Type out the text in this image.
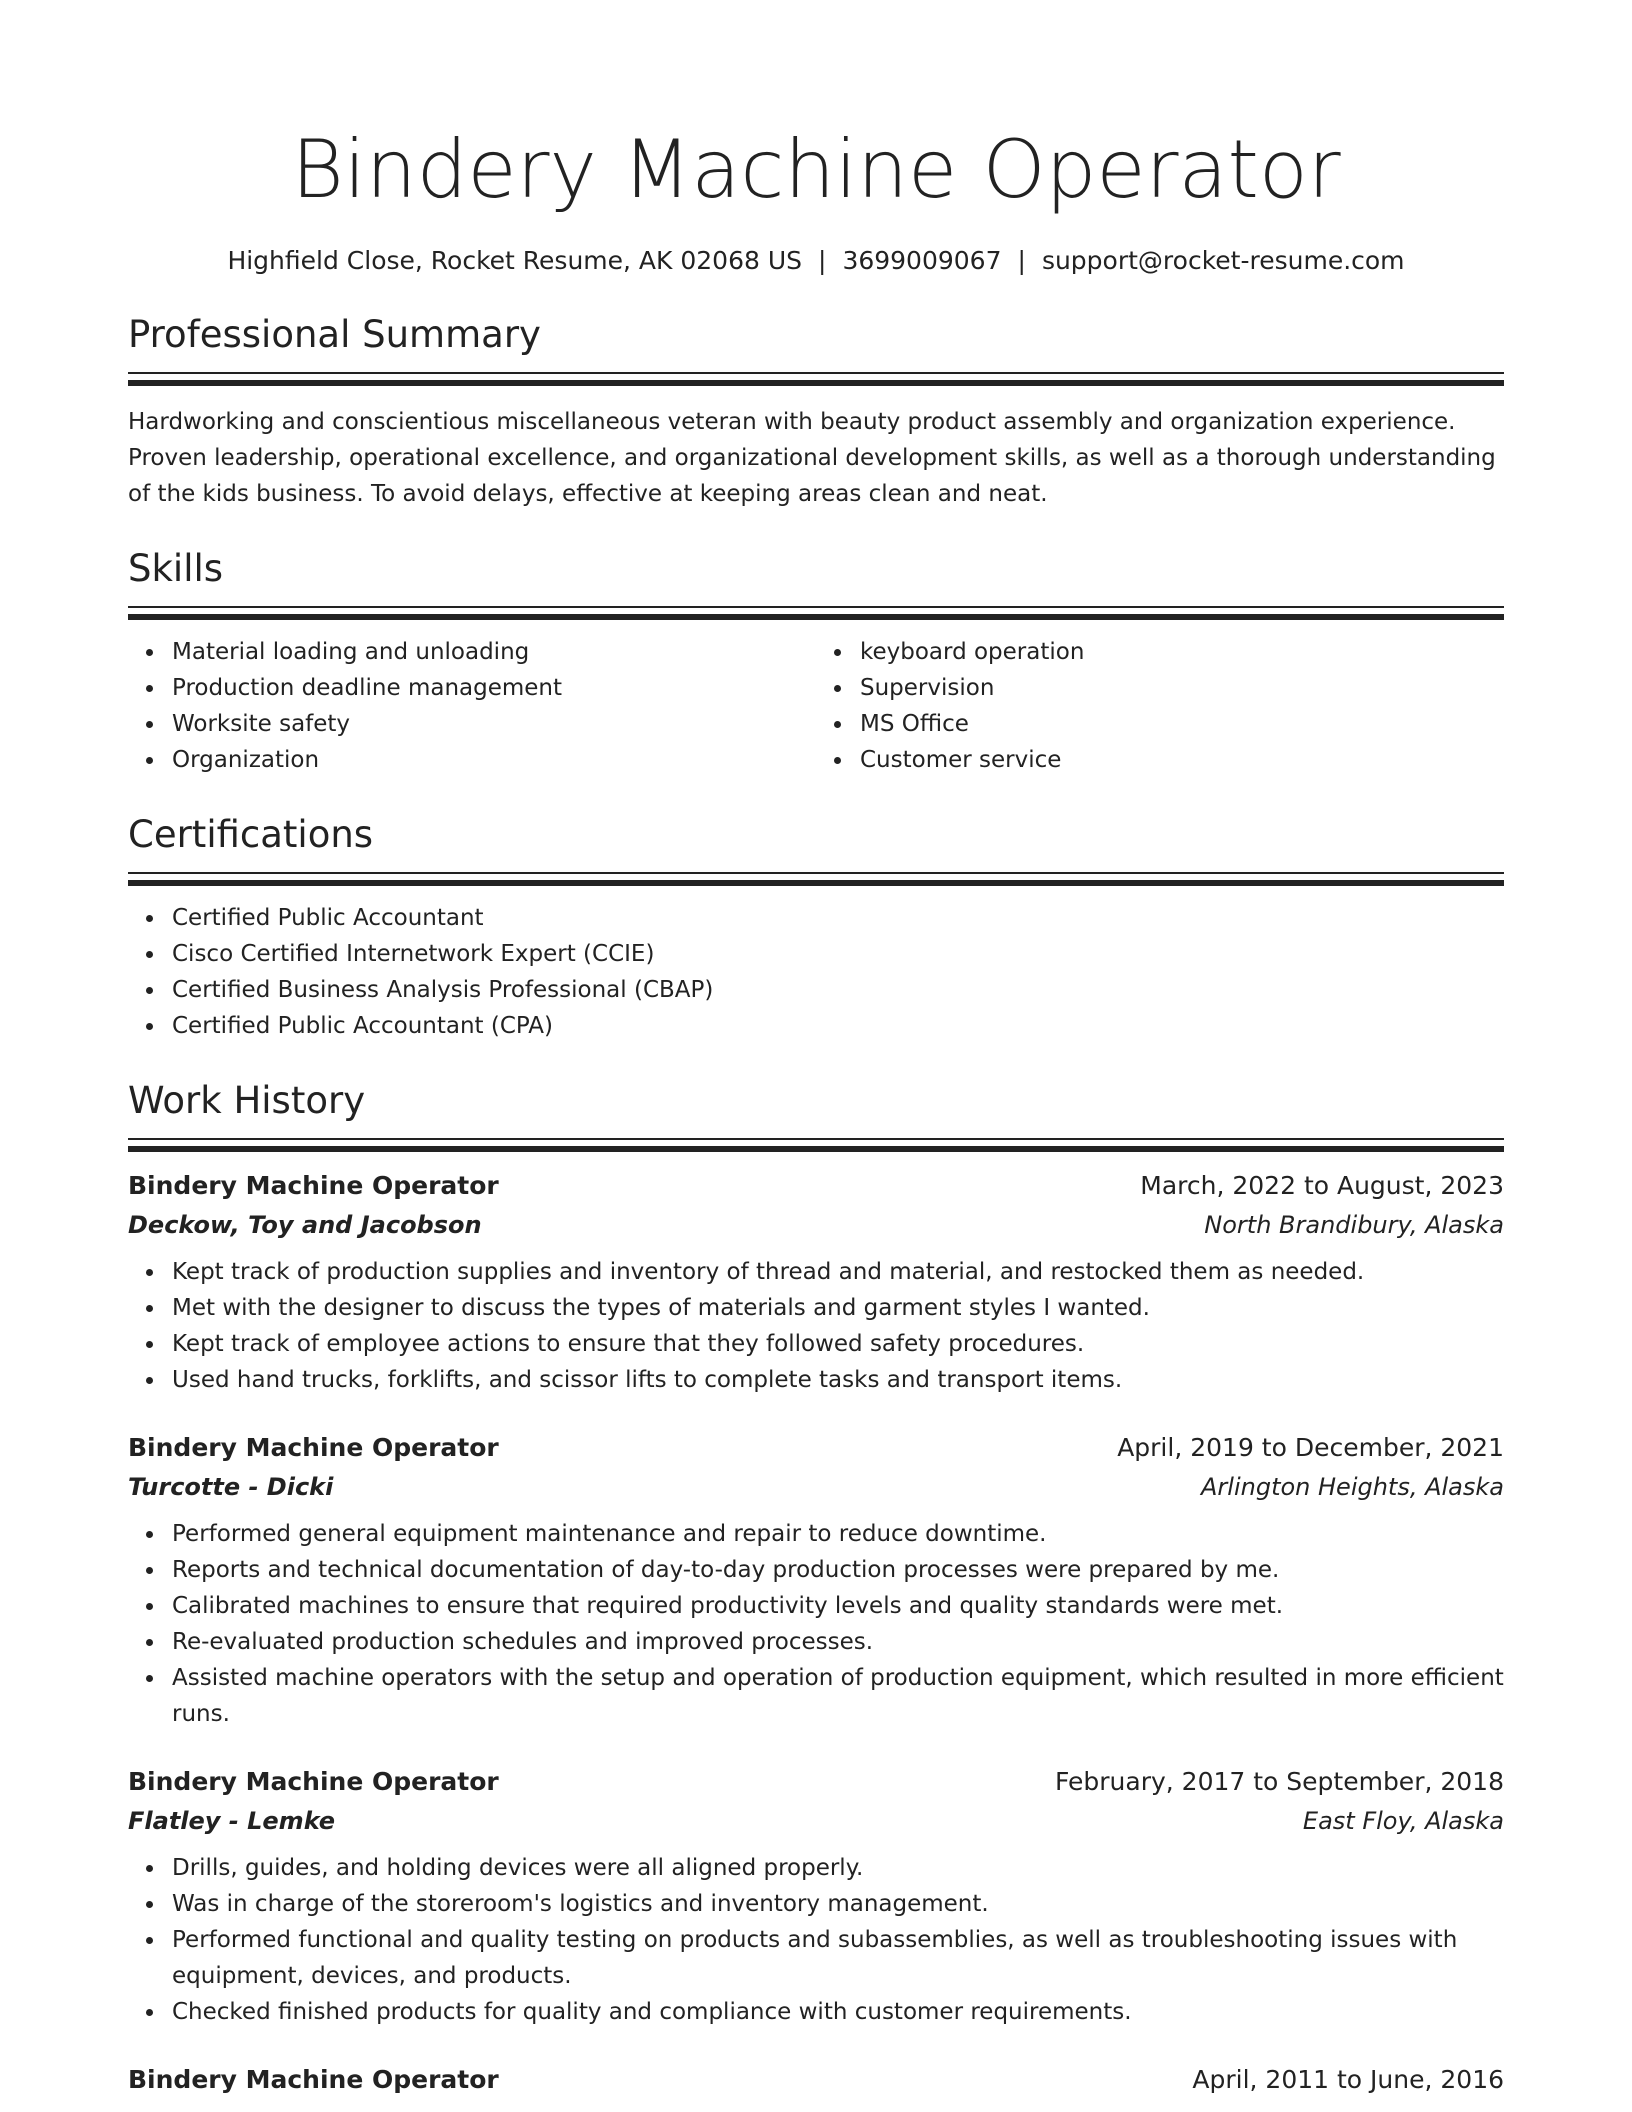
Bindery Machine Operator
Highfield Close, Rocket Resume, AK 02068 US | 3699009067 | support@rocket-resume.com
Professional Summary

Hardworking and conscientious miscellaneous veteran with beauty product assembly and organization experience. Proven leadership, operational excellence, and organizational development skills, as well as a thorough understanding of the kids business. To avoid delays, effective at keeping areas clean and neat.

Skills
Material loading and unloading
Production deadline management
Worksite safety
Organization
keyboard operation
Supervision
MS Office
Customer service
Certifications
Certified Public Accountant
Cisco Certified Internetwork Expert (CCIE)
Certified Business Analysis Professional (CBAP)
Certified Public Accountant (CPA)
Work History
Bindery Machine Operator	March, 2022 to August, 2023
Deckow, Toy and Jacobson	North Brandibury, Alaska
Kept track of production supplies and inventory of thread and material, and restocked them as needed.
Met with the designer to discuss the types of materials and garment styles I wanted.
Kept track of employee actions to ensure that they followed safety procedures.
Used hand trucks, forklifts, and scissor lifts to complete tasks and transport items.
Bindery Machine Operator	April, 2019 to December, 2021
Turcotte - Dicki	Arlington Heights, Alaska
Performed general equipment maintenance and repair to reduce downtime.
Reports and technical documentation of day-to-day production processes were prepared by me.
Calibrated machines to ensure that required productivity levels and quality standards were met.
Re-evaluated production schedules and improved processes.
Assisted machine operators with the setup and operation of production equipment, which resulted in more efficient runs.
Bindery Machine Operator	February, 2017 to September, 2018
Flatley - Lemke	East Floy, Alaska
Drills, guides, and holding devices were all aligned properly.
Was in charge of the storeroom's logistics and inventory management.
Performed functional and quality testing on products and subassemblies, as well as troubleshooting issues with equipment, devices, and products.
Checked finished products for quality and compliance with customer requirements.
Bindery Machine Operator	April, 2011 to June, 2016
